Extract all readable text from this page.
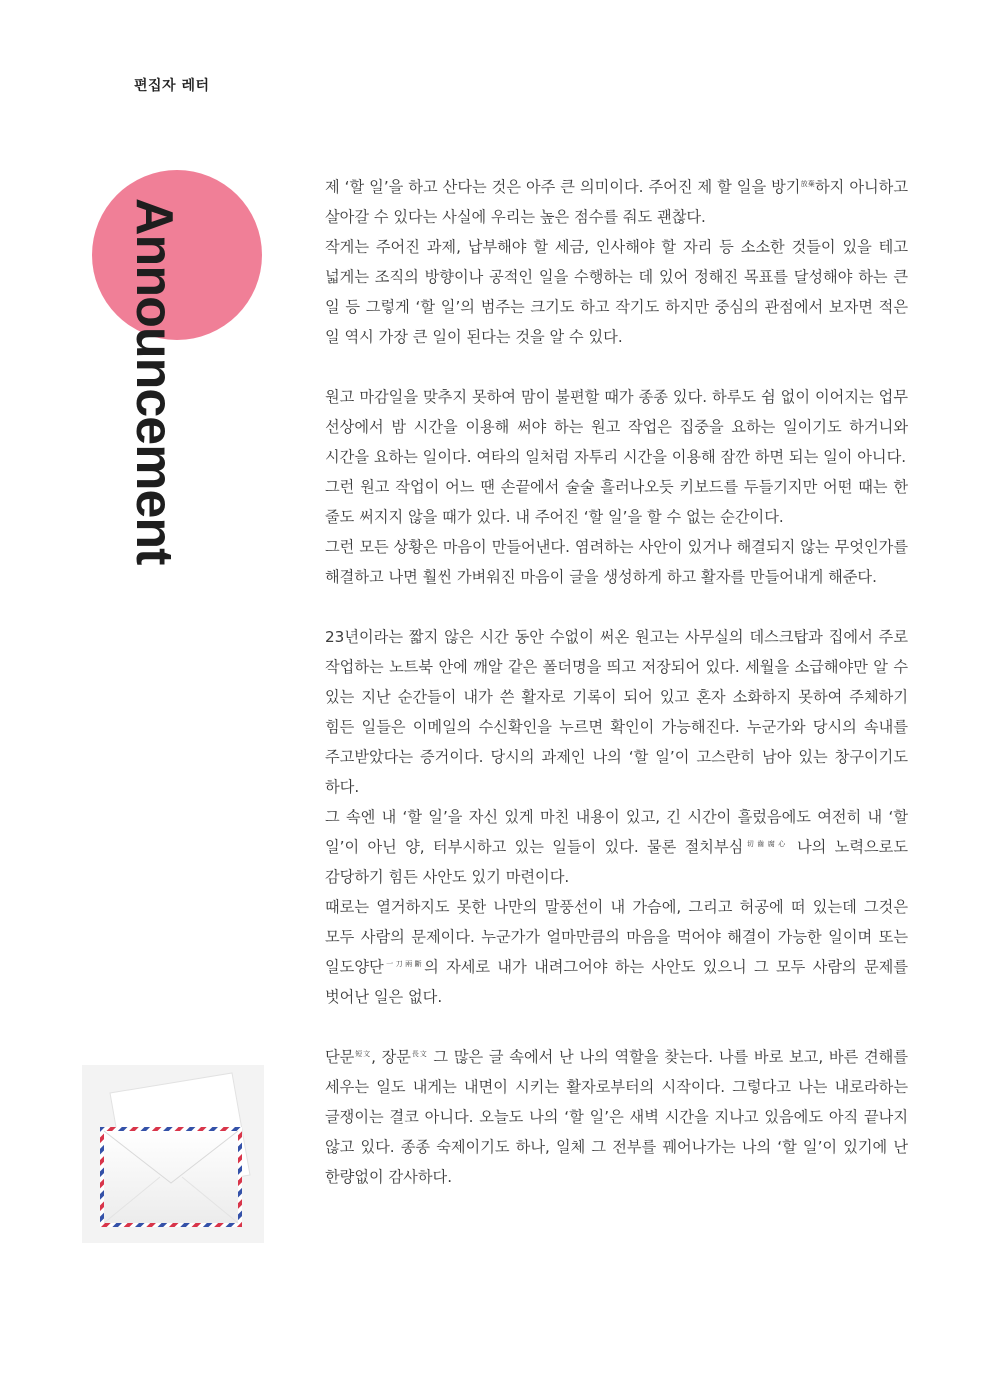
편집자 레터
Announcement

제 ‘할 일’을 하고 산다는 것은 아주 큰 의미이다. 주어진 제 할 일을 방기$^{放棄}$하지 아니하고 살아갈 수 있다는 사실에 우리는 높은 점수를 줘도 괜찮다.

작게는 주어진 과제, 납부해야 할 세금, 인사해야 할 자리 등 소소한 것들이 있을 테고 넓게는 조직의 방향이나 공적인 일을 수행하는 데 있어 정해진 목표를 달성해야 하는 큰 일 등 그렇게 ‘할 일’의 범주는 크기도 하고 작기도 하지만 중심의 관점에서 보자면 적은 일 역시 가장 큰 일이 된다는 것을 알 수 있다.

원고 마감일을 맞추지 못하여 맘이 불편할 때가 종종 있다. 하루도 쉼 없이 이어지는 업무 선상에서 밤 시간을 이용해 써야 하는 원고 작업은 집중을 요하는 일이기도 하거니와 시간을 요하는 일이다. 여타의 일처럼 자투리 시간을 이용해 잠깐 하면 되는 일이 아니다.

그런 원고 작업이 어느 땐 손끝에서 술술 흘러나오듯 키보드를 두들기지만 어떤 때는 한 줄도 써지지 않을 때가 있다. 내 주어진 ‘할 일’을 할 수 없는 순간이다.

그런 모든 상황은 마음이 만들어낸다. 염려하는 사안이 있거나 해결되지 않는 무엇인가를 해결하고 나면 훨씬 가벼워진 마음이 글을 생성하게 하고 활자를 만들어내게 해준다.

23년이라는 짧지 않은 시간 동안 수없이 써온 원고는 사무실의 데스크탑과 집에서 주로 작업하는 노트북 안에 깨알 같은 폴더명을 띄고 저장되어 있다. 세월을 소급해야만 알 수 있는 지난 순간들이 내가 쓴 활자로 기록이 되어 있고 혼자 소화하지 못하여 주체하기 힘든 일들은 이메일의 수신확인을 누르면 확인이 가능해진다. 누군가와 당시의 속내를 주고받았다는 증거이다. 당시의 과제인 나의 ‘할 일’이 고스란히 남아 있는 창구이기도 하다.

그 속엔 내 ‘할 일’을 자신 있게 마친 내용이 있고, 긴 시간이 흘렀음에도 여전히 내 ‘할 일’이 아닌 양, 터부시하고 있는 일들이 있다. 물론 절치부심$^{切齒腐心}$ 나의 노력으로도 감당하기 힘든 사안도 있기 마련이다.

때로는 열거하지도 못한 나만의 말풍선이 내 가슴에, 그리고 허공에 떠 있는데 그것은 모두 사람의 문제이다. 누군가가 얼마만큼의 마음을 먹어야 해결이 가능한 일이며 또는 일도양단$^{一刀兩斷}$의 자세로 내가 내려그어야 하는 사안도 있으니 그 모두 사람의 문제를 벗어난 일은 없다.

단문$^{短文}$, 장문$^{長文}$ 그 많은 글 속에서 난 나의 역할을 찾는다. 나를 바로 보고, 바른 견해를 세우는 일도 내게는 내면이 시키는 활자로부터의 시작이다. 그렇다고 나는 내로라하는 글쟁이는 결코 아니다. 오늘도 나의 ‘할 일’은 새벽 시간을 지나고 있음에도 아직 끝나지 않고 있다. 종종 숙제이기도 하나, 일체 그 전부를 꿰어나가는 나의 ‘할 일’이 있기에 난 한량없이 감사하다.
